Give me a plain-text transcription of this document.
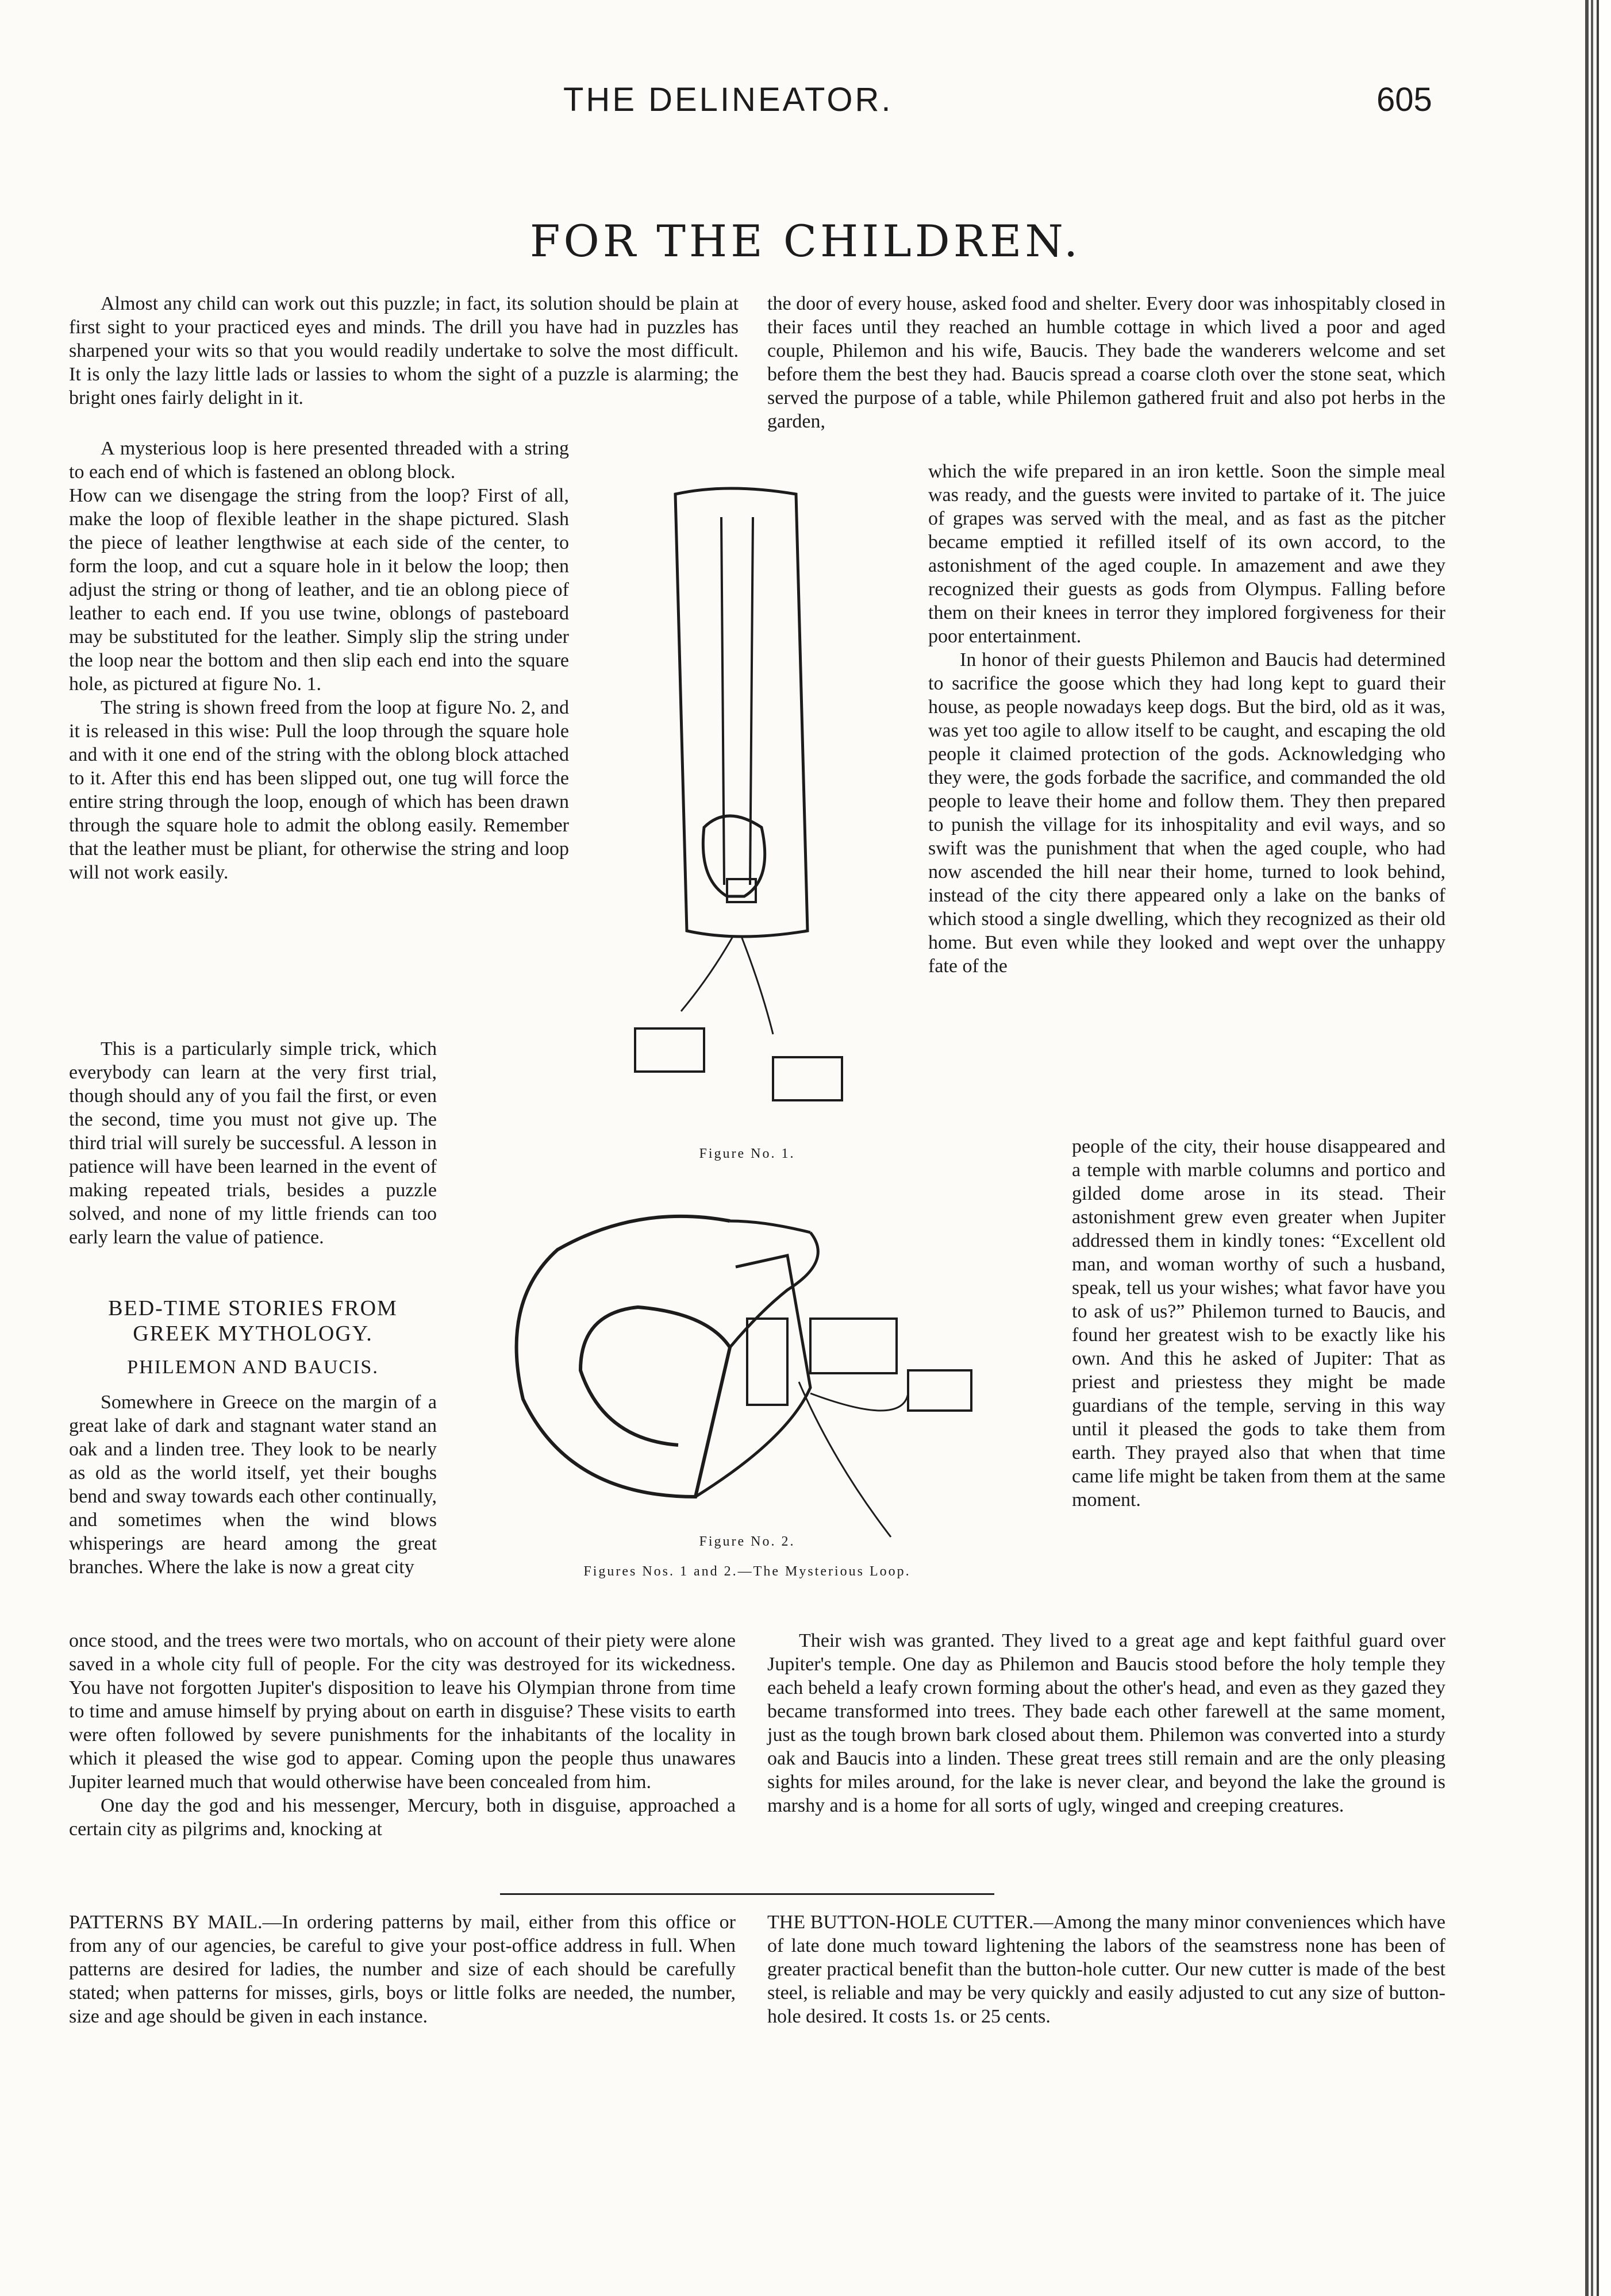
THE DELINEATOR.	605
FOR THE CHILDREN.

Almost any child can work out this puzzle; in fact, its solution should be plain at first sight to your practiced eyes and minds. The drill you have had in puzzles has sharpened your wits so that you would readily undertake to solve the most difficult. It is only the lazy little lads or lassies to whom the sight of a puzzle is alarming; the bright ones fairly delight in it.

A mysterious loop is here presented threaded with a string to each end of which is fastened an oblong block.

How can we disengage the string from the loop? First of all, make the loop of flexible leather in the shape pictured. Slash the piece of leather lengthwise at each side of the center, to form the loop, and cut a square hole in it below the loop; then adjust the string or thong of leather, and tie an oblong piece of leather to each end. If you use twine, oblongs of pasteboard may be substituted for the leather. Simply slip the string under the loop near the bottom and then slip each end into the square hole, as pictured at figure No. 1.

The string is shown freed from the loop at figure No. 2, and it is released in this wise: Pull the loop through the square hole and with it one end of the string with the oblong block attached to it. After this end has been slipped out, one tug will force the entire string through the loop, enough of which has been drawn through the square hole to admit the oblong easily. Remember that the leather must be pliant, for otherwise the string and loop will not work easily.

This is a particularly simple trick, which everybody can learn at the very first trial, though should any of you fail the first, or even the second, time you must not give up. The third trial will surely be successful. A lesson in patience will have been learned in the event of making repeated trials, besides a puzzle solved, and none of my little friends can too early learn the value of patience.

BED-TIME STORIES FROM GREEK MYTHOLOGY.

PHILEMON AND BAUCIS.

Somewhere in Greece on the margin of a great lake of dark and stagnant water stand an oak and a linden tree. They look to be nearly as old as the world itself, yet their boughs bend and sway towards each other continually, and sometimes when the wind blows whisperings are heard among the great branches. Where the lake is now a great city

once stood, and the trees were two mortals, who on account of their piety were alone saved in a whole city full of people. For the city was destroyed for its wickedness. You have not forgotten Jupiter's disposition to leave his Olympian throne from time to time and amuse himself by prying about on earth in disguise? These visits to earth were often followed by severe punishments for the inhabitants of the locality in which it pleased the wise god to appear. Coming upon the people thus unawares Jupiter learned much that would otherwise have been concealed from him.

One day the god and his messenger, Mercury, both in disguise, approached a certain city as pilgrims and, knocking at

the door of every house, asked food and shelter. Every door was inhospitably closed in their faces until they reached an humble cottage in which lived a poor and aged couple, Philemon and his wife, Baucis. They bade the wanderers welcome and set before them the best they had. Baucis spread a coarse cloth over the stone seat, which served the purpose of a table, while Philemon gathered fruit and also pot herbs in the garden,

which the wife prepared in an iron kettle. Soon the simple meal was ready, and the guests were invited to partake of it. The juice of grapes was served with the meal, and as fast as the pitcher became emptied it refilled itself of its own accord, to the astonishment of the aged couple. In amazement and awe they recognized their guests as gods from Olympus. Falling before them on their knees in terror they implored forgiveness for their poor entertainment.

In honor of their guests Philemon and Baucis had determined to sacrifice the goose which they had long kept to guard their house, as people nowadays keep dogs. But the bird, old as it was, was yet too agile to allow itself to be caught, and escaping the old people it claimed protection of the gods. Acknowledging who they were, the gods forbade the sacrifice, and commanded the old people to leave their home and follow them. They then prepared to punish the village for its inhospitality and evil ways, and so swift was the punishment that when the aged couple, who had now ascended the hill near their home, turned to look behind, instead of the city there appeared only a lake on the banks of which stood a single dwelling, which they recognized as their old home. But even while they looked and wept over the unhappy fate of the

people of the city, their house disappeared and a temple with marble columns and portico and gilded dome arose in its stead. Their astonishment grew even greater when Jupiter addressed them in kindly tones: “Excellent old man, and woman worthy of such a husband, speak, tell us your wishes; what favor have you to ask of us?” Philemon turned to Baucis, and found her greatest wish to be exactly like his own. And this he asked of Jupiter: That as priest and priestess they might be made guardians of the temple, serving in this way until it pleased the gods to take them from earth. They prayed also that when that time came life might be taken from them at the same moment.

Their wish was granted. They lived to a great age and kept faithful guard over Jupiter's temple. One day as Philemon and Baucis stood before the holy temple they each beheld a leafy crown forming about the other's head, and even as they gazed they became transformed into trees. They bade each other farewell at the same moment, just as the tough brown bark closed about them. Philemon was converted into a sturdy oak and Baucis into a linden. These great trees still remain and are the only pleasing sights for miles around, for the lake is never clear, and beyond the lake the ground is marshy and is a home for all sorts of ugly, winged and creeping creatures.

Figure No. 1.
Figure No. 2.
Figures Nos. 1 and 2.—The Mysterious Loop.

PATTERNS BY MAIL.—In ordering patterns by mail, either from this office or from any of our agencies, be careful to give your post-office address in full. When patterns are desired for ladies, the number and size of each should be carefully stated; when patterns for misses, girls, boys or little folks are needed, the number, size and age should be given in each instance.

THE BUTTON-HOLE CUTTER.—Among the many minor conveniences which have of late done much toward lightening the labors of the seamstress none has been of greater practical benefit than the button-hole cutter. Our new cutter is made of the best steel, is reliable and may be very quickly and easily adjusted to cut any size of button-hole desired. It costs 1s. or 25 cents.
